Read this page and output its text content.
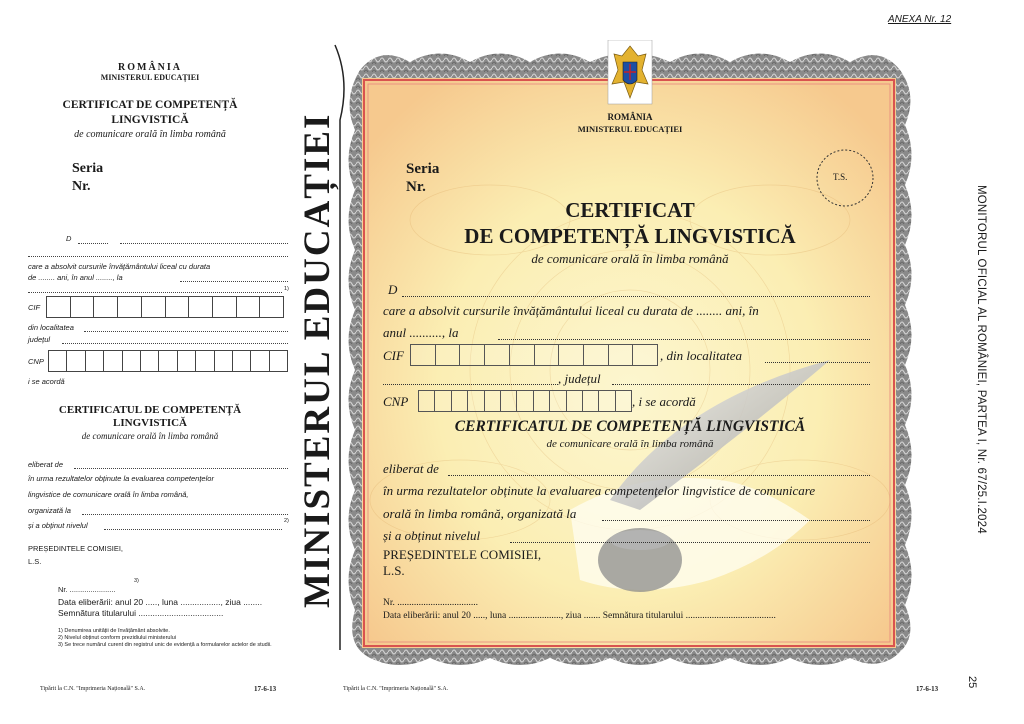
ANEXA Nr. 12
MONITORUL OFICIAL AL ROMÂNIEI, PARTEA I, Nr. 67/25.I.2024
25
ROMÂNIA
MINISTERUL EDUCAȚIEI
CERTIFICAT DE COMPETENȚĂ
LINGVISTICĂ
de comunicare orală în limba română
Seria
Nr.
D
care a absolvit cursurile învățământului liceal cu durata
de ........ ani, în anul ........, la
1)
CIF
din localitatea
județul
CNP
i se acordă
CERTIFICATUL DE COMPETENȚĂ
LINGVISTICĂ
de comunicare orală în limba română
eliberat de
în urma rezultatelor obținute la evaluarea competențelor
lingvistice de comunicare orală în limba română,
organizată la
și a obținut nivelul	2)
PREȘEDINTELE COMISIEI,
L.S.
3)
Nr. ......................
Data eliberării: anul 20 ....., luna ................., ziua ........
Semnătura titularului ....................................
1) Denumirea unității de învățământ absolvite.
2) Nivelul obținut conform prezidiului ministerului
3) Se trece numărul curent din registrul unic de evidență a formularelor actelor de studii.
Tipărit la C.N. "Imprimeria Națională" S.A.	17-6-13
MINISTERUL EDUCAȚIEI	ROMÂNIA
MINISTERUL EDUCAȚIEI
T.S.
Seria
Nr.
CERTIFICAT
DE COMPETENȚĂ LINGVISTICĂ
de comunicare orală în limba română
D
care a absolvit cursurile învățământului liceal cu durata de ........ ani, în
anul .........., la
CIF	, din localitatea
, județul
CNP	, i se acordă
CERTIFICATUL DE COMPETENȚĂ LINGVISTICĂ
de comunicare orală în limba română
eliberat de
în urma rezultatelor obținute la evaluarea competențelor lingvistice de comunicare
orală în limba română, organizată la
și a obținut nivelul
PREȘEDINTELE COMISIEI,
L.S.
Nr. ..................................
Data eliberării: anul 20 ....., luna ......................, ziua ....... Semnătura titularului ......................................
Tipărit la C.N. "Imprimeria Națională" S.A.	17-6-13
